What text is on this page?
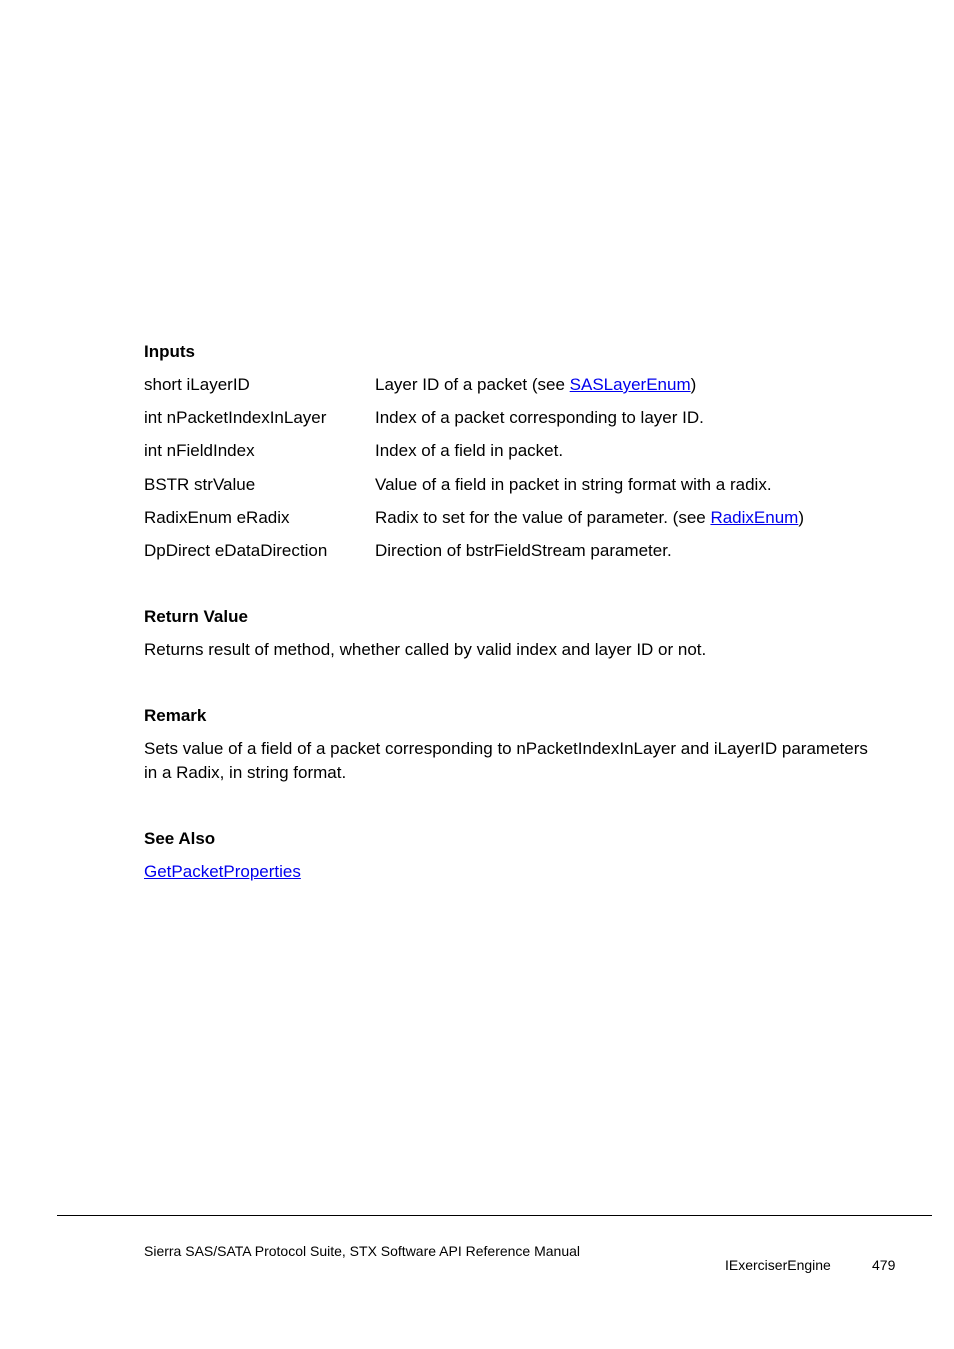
Inputs
short iLayerID	Layer ID of a packet (see SASLayerEnum)
int nPacketIndexInLayer	Index of a packet corresponding to layer ID.
int nFieldIndex	Index of a field in packet.
BSTR strValue	Value of a field in packet in string format with a radix.
RadixEnum eRadix	Radix to set for the value of parameter. (see RadixEnum)
DpDirect eDataDirection	Direction of bstrFieldStream parameter.
Return Value
Returns result of method, whether called by valid index and layer ID or not.
Remark
Sets value of a field of a packet corresponding to nPacketIndexInLayer and iLayerID parameters
in a Radix, in string format.
See Also
GetPacketProperties
Sierra SAS/SATA Protocol Suite, STX Software API Reference Manual
IExerciserEngine	479
